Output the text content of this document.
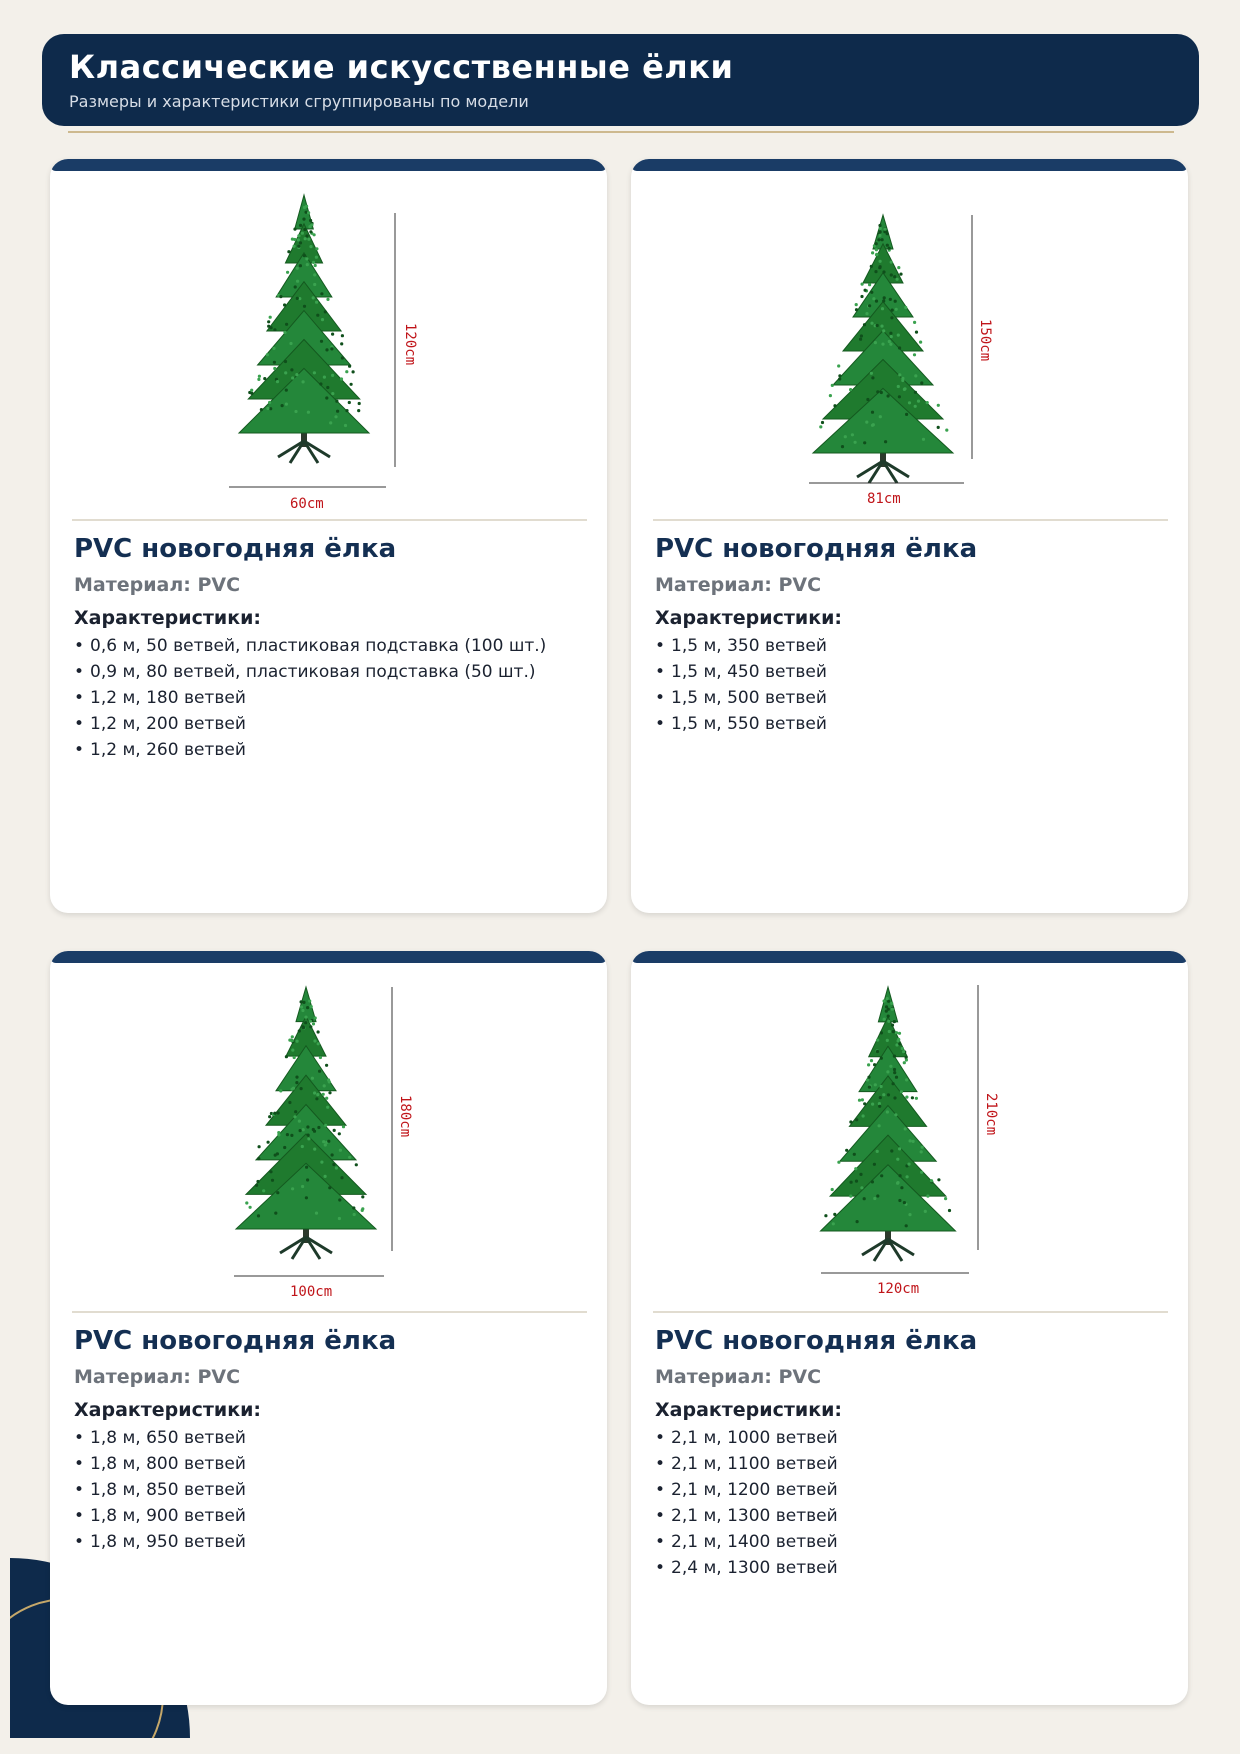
Классические искусственные ёлки
Размеры и характеристики сгруппированы по модели
120cm
60cm
PVC новогодняя ёлка
Материал: PVC
Характеристики:
• 0,6 м, 50 ветвей, пластиковая подставка (100 шт.)
• 0,9 м, 80 ветвей, пластиковая подставка (50 шт.)
• 1,2 м, 180 ветвей
• 1,2 м, 200 ветвей
• 1,2 м, 260 ветвей
150cm
81cm
PVC новогодняя ёлка
Материал: PVC
Характеристики:
• 1,5 м, 350 ветвей
• 1,5 м, 450 ветвей
• 1,5 м, 500 ветвей
• 1,5 м, 550 ветвей
180cm
100cm
PVC новогодняя ёлка
Материал: PVC
Характеристики:
• 1,8 м, 650 ветвей
• 1,8 м, 800 ветвей
• 1,8 м, 850 ветвей
• 1,8 м, 900 ветвей
• 1,8 м, 950 ветвей
210cm
120cm
PVC новогодняя ёлка
Материал: PVC
Характеристики:
• 2,1 м, 1000 ветвей
• 2,1 м, 1100 ветвей
• 2,1 м, 1200 ветвей
• 2,1 м, 1300 ветвей
• 2,1 м, 1400 ветвей
• 2,4 м, 1300 ветвей
